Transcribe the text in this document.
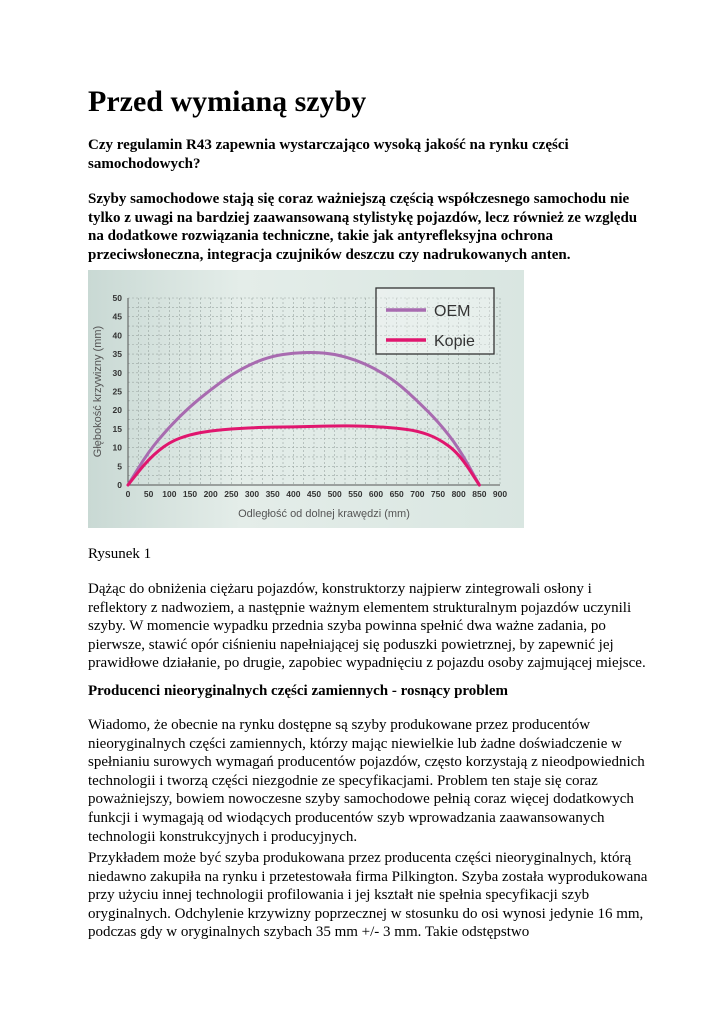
Przed wymianą szyby

Czy regulamin R43 zapewnia wystarczająco wysoką jakość na rynku części samochodowych?

Szyby samochodowe stają się coraz ważniejszą częścią współczesnego samochodu nie tylko z uwagi na bardziej zaawansowaną stylistykę pojazdów, lecz również ze względu na dodatkowe rozwiązania techniczne, takie jak antyrefleksyjna ochrona przeciwsłoneczna, integracja czujników deszczu czy nadrukowanych anten.

0
5
10
15
20
25
30
35
40
45
50
0 50 100 150 200 250 300 350 400 450 500 550 600 650 700 750 800 850 900
Odległość od dolnej krawędzi (mm)
Głębokość krzywizny (mm)
OEM
Kopie

Rysunek 1

Dążąc do obniżenia ciężaru pojazdów, konstruktorzy najpierw zintegrowali osłony i reflektory z nadwoziem, a następnie ważnym elementem strukturalnym pojazdów uczynili szyby. W momencie wypadku przednia szyba powinna spełnić dwa ważne zadania, po pierwsze, stawić opór ciśnieniu napełniającej się poduszki powietrznej, by zapewnić jej prawidłowe działanie, po drugie, zapobiec wypadnięciu z pojazdu osoby zajmującej miejsce.

Producenci nieoryginalnych części zamiennych - rosnący problem

Wiadomo, że obecnie na rynku dostępne są szyby produkowane przez producentów nieoryginalnych części zamiennych, którzy mając niewielkie lub żadne doświadczenie w spełnianiu surowych wymagań producentów pojazdów, często korzystają z nieodpowiednich technologii i tworzą części niezgodnie ze specyfikacjami. Problem ten staje się coraz poważniejszy, bowiem nowoczesne szyby samochodowe pełnią coraz więcej dodatkowych funkcji i wymagają od wiodących producentów szyb wprowadzania zaawansowanych technologii konstrukcyjnych i producyjnych.

Przykładem może być szyba produkowana przez producenta części nieoryginalnych, którą niedawno zakupiła na rynku i przetestowała firma Pilkington. Szyba została wyprodukowana przy użyciu innej technologii profilowania i jej kształt nie spełnia specyfikacji szyb oryginalnych. Odchylenie krzywizny poprzecznej w stosunku do osi wynosi jedynie 16 mm, podczas gdy w oryginalnych szybach 35 mm +/- 3 mm. Takie odstępstwo
